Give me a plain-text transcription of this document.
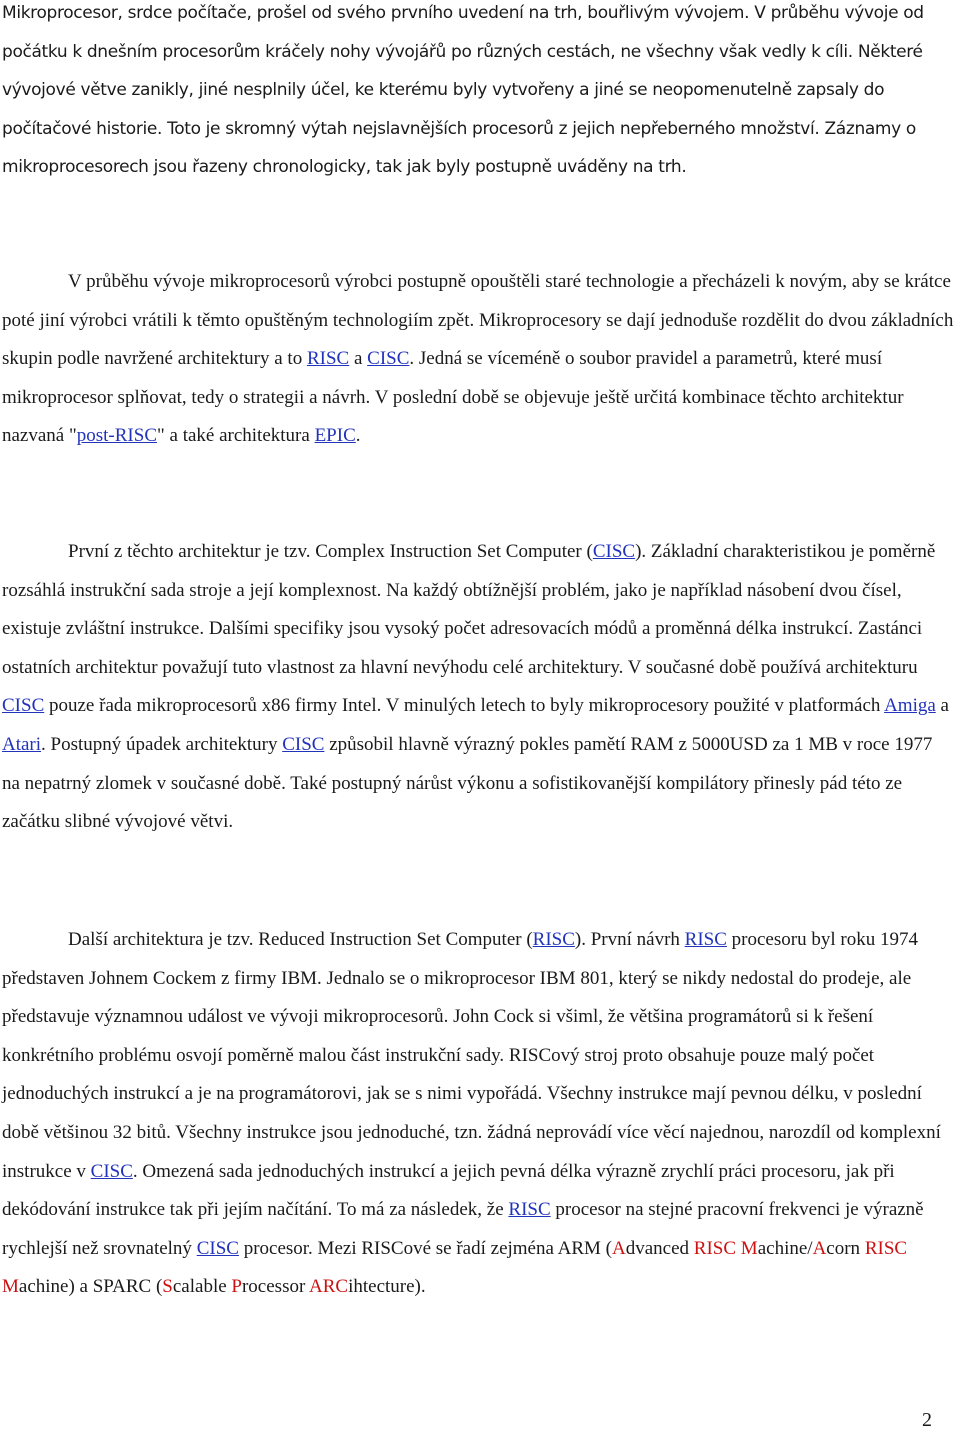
Mikroprocesor, srdce počítače, prošel od svého prvního uvedení na trh, bouřlivým vývojem. V průběhu vývoje od počátku k dnešním procesorům kráčely nohy vývojářů po různých cestách, ne všechny však vedly k cíli. Některé vývojové větve zanikly, jiné nesplnily účel, ke kterému byly vytvořeny a jiné se neopomenutelně zapsaly do počítačové historie. Toto je skromný výtah nejslavnějších procesorů z jejich nepřeberného množství. Záznamy o mikroprocesorech jsou řazeny chronologicky, tak jak byly postupně uváděny na trh.

V průběhu vývoje mikroprocesorů výrobci postupně opouštěli staré technologie a přecházeli k novým, aby se krátce poté jiní výrobci vrátili k těmto opuštěným technologiím zpět. Mikroprocesory se dají jednoduše rozdělit do dvou základních skupin podle navržené architektury a to RISC a CISC. Jedná se víceméně o soubor pravidel a parametrů, které musí mikroprocesor splňovat, tedy o strategii a návrh. V poslední době se objevuje ještě určitá kombinace těchto architektur nazvaná "post-RISC" a také architektura EPIC.

První z těchto architektur je tzv. Complex Instruction Set Computer (CISC). Základní charakteristikou je poměrně rozsáhlá instrukční sada stroje a její komplexnost. Na každý obtížnější problém, jako je například násobení dvou čísel, existuje zvláštní instrukce. Dalšími specifiky jsou vysoký počet adresovacích módů a proměnná délka instrukcí. Zastánci ostatních architektur považují tuto vlastnost za hlavní nevýhodu celé architektury. V současné době používá architekturu CISC pouze řada mikroprocesorů x86 firmy Intel. V minulých letech to byly mikroprocesory použité v platformách Amiga a Atari. Postupný úpadek architektury CISC způsobil hlavně výrazný pokles pamětí RAM z 5000USD za 1 MB v roce 1977 na nepatrný zlomek v současné době. Také postupný nárůst výkonu a sofistikovanější kompilátory přinesly pád této ze začátku slibné vývojové větvi.

Další architektura je tzv. Reduced Instruction Set Computer (RISC). První návrh RISC procesoru byl roku 1974 představen Johnem Cockem z firmy IBM. Jednalo se o mikroprocesor IBM 801, který se nikdy nedostal do prodeje, ale představuje významnou událost ve vývoji mikroprocesorů. John Cock si všiml, že většina programátorů si k řešení konkrétního problému osvojí poměrně malou část instrukční sady. RISCový stroj proto obsahuje pouze malý počet jednoduchých instrukcí a je na programátorovi, jak se s nimi vypořádá. Všechny instrukce mají pevnou délku, v poslední době většinou 32 bitů. Všechny instrukce jsou jednoduché, tzn. žádná neprovádí více věcí najednou, narozdíl od komplexní instrukce v CISC. Omezená sada jednoduchých instrukcí a jejich pevná délka výrazně zrychlí práci procesoru, jak při dekódování instrukce tak při jejím načítání. To má za následek, že RISC procesor na stejné pracovní frekvenci je výrazně rychlejší než srovnatelný CISC procesor. Mezi RISCové se řadí zejména ARM (Advanced RISC Machine/Acorn RISC Machine) a SPARC (Scalable Processor ARCihtecture).

2
